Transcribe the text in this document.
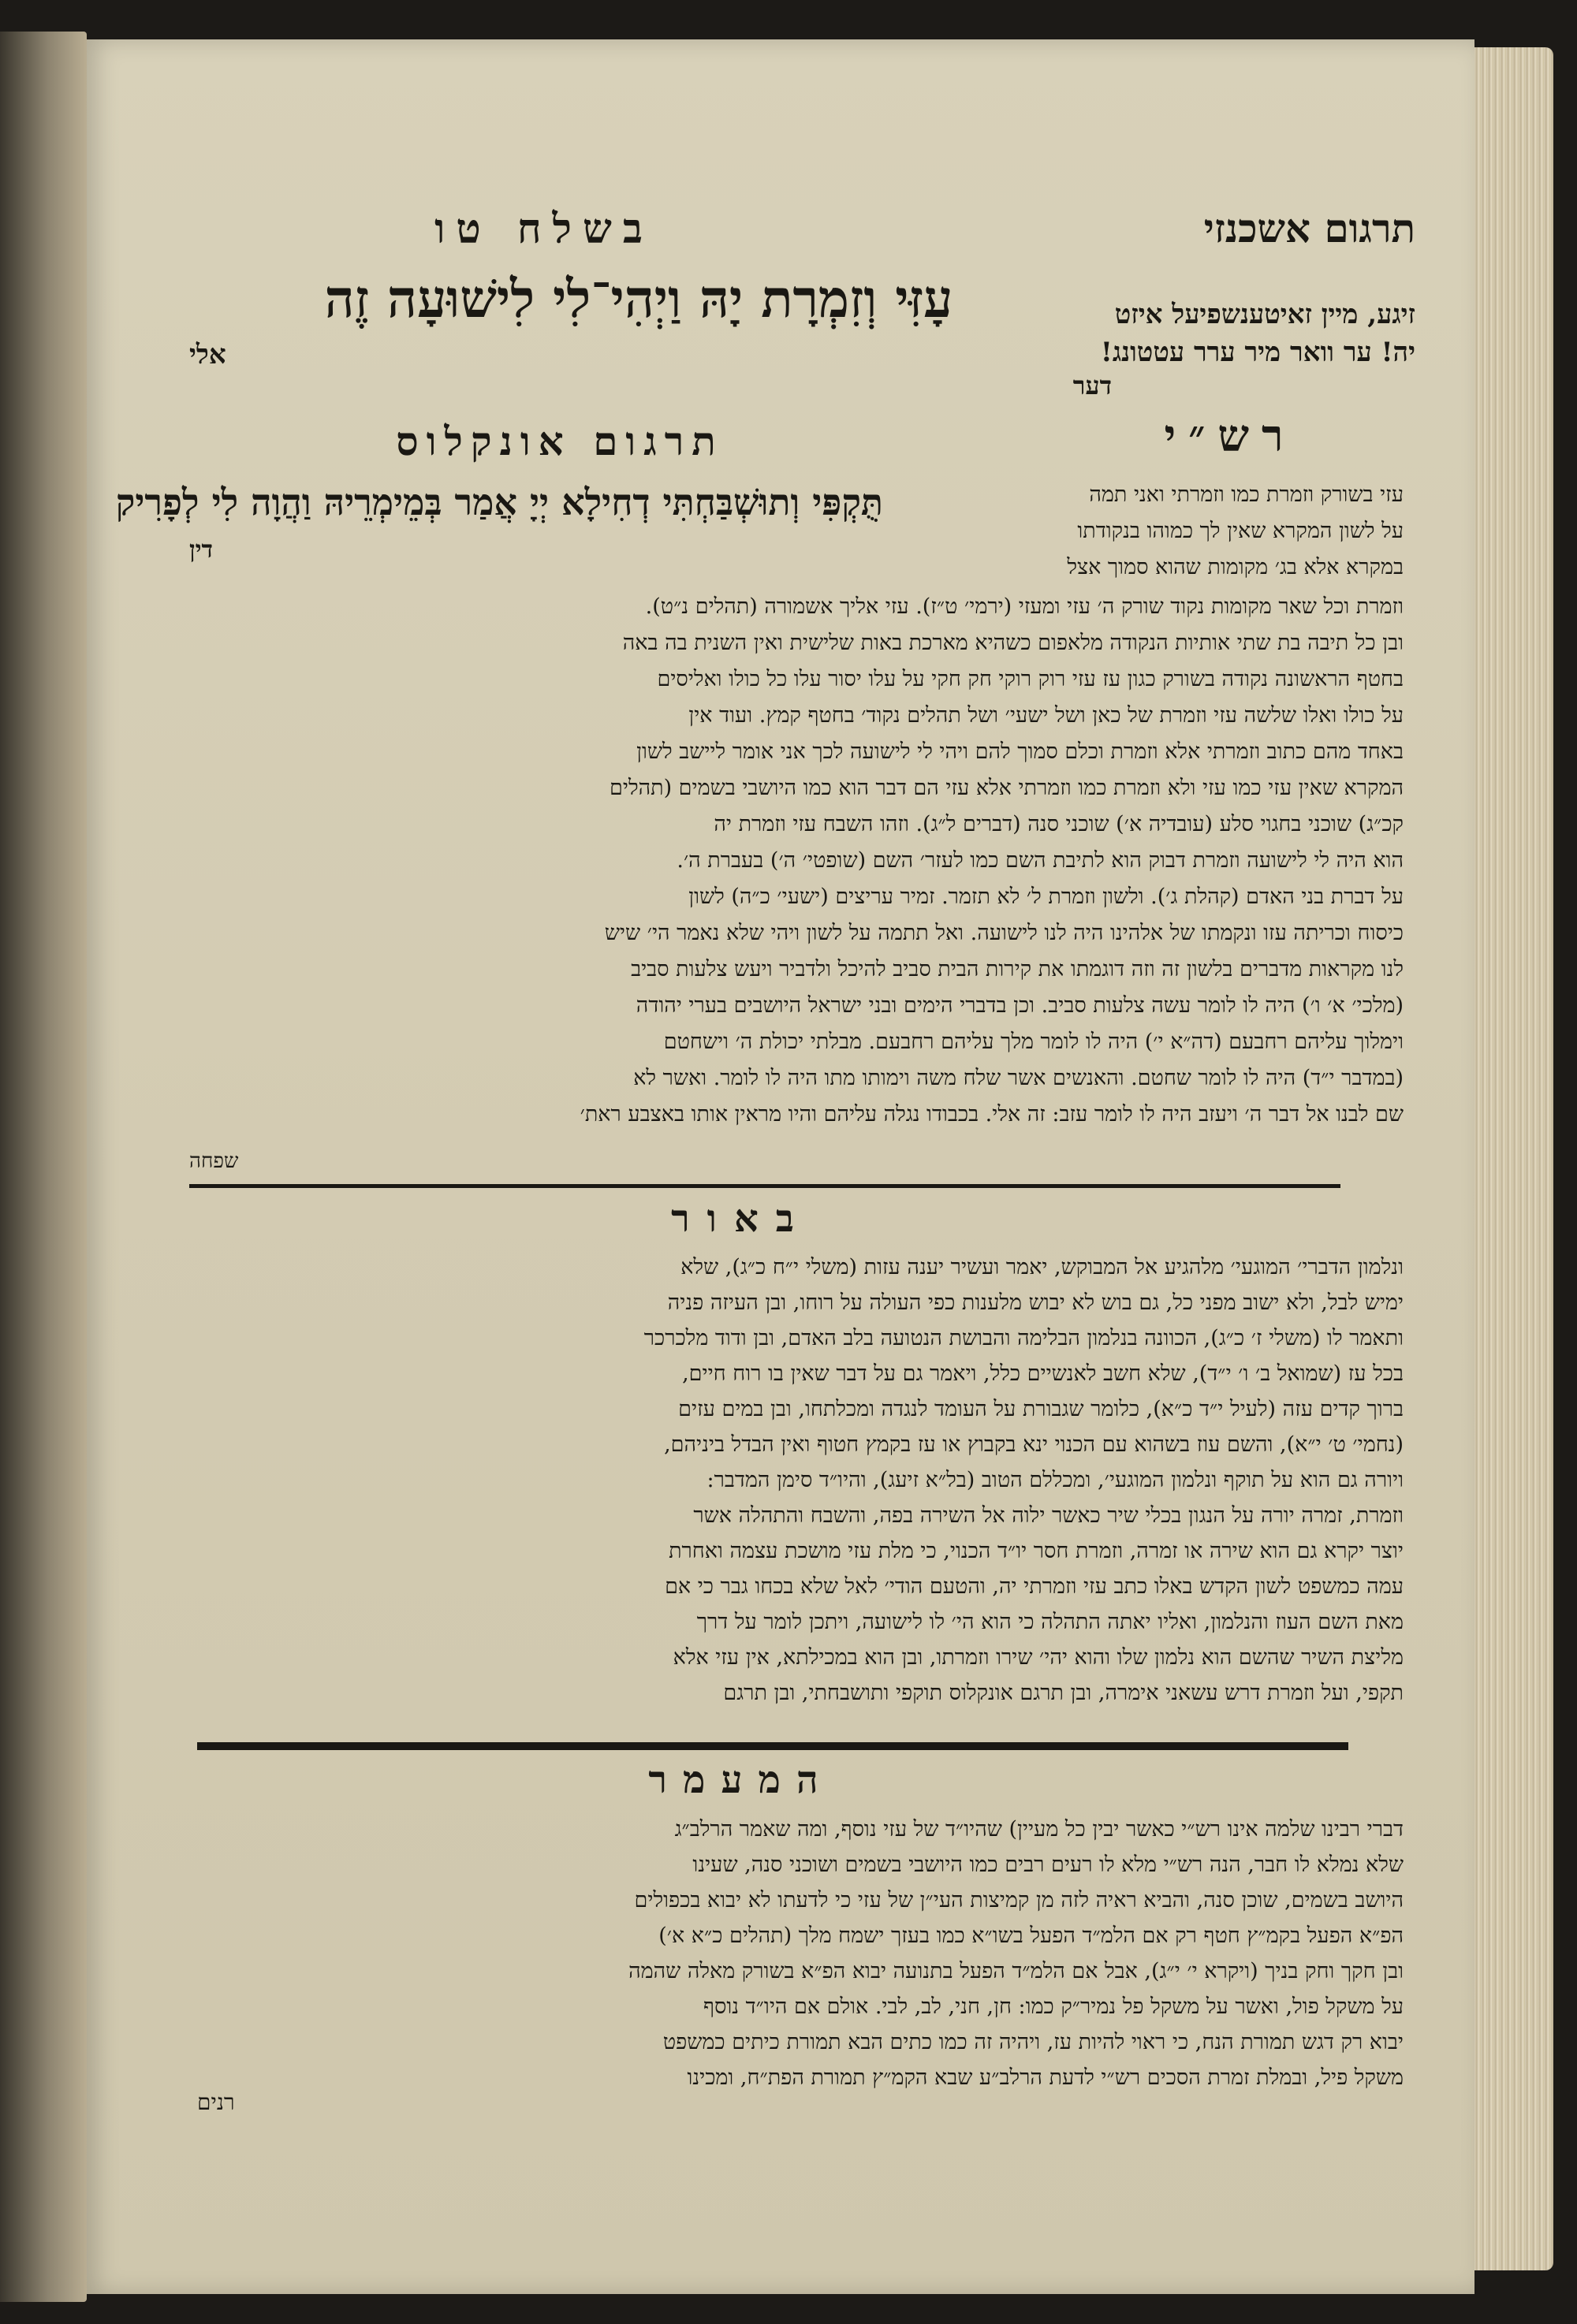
תרגום אשכנזי
בשלח טו
עָזִּי וְזִמְרָת יָהּ וַיְהִי־לִי לִישׁוּעָה זֶה
אלי
זיגע, מיין זאיטענשפיעל איזט
יה! ער וואר מיר ערר עטטונג!
דער
רש״י
תרגום אונקלוס
תֻּקְפִּי וְתוּשְׁבַּחְתִּי דְחִילָא יְיָ אֲמַר בְּמֵימְרֵיהּ וַהֲוָה לִי לְפָרִיק
דין
עזי בשורק וזמרת כמו וזמרתי ואני תמה
על לשון המקרא שאין לך כמוהו בנקודתו
במקרא אלא בג׳ מקומות שהוא סמוך אצל
וזמרת וכל שאר מקומות נקוד שורק ה׳ עזי ומעזי (ירמי׳ ט״ז). עזי אליך אשמורה (תהלים נ״ט).
ובן כל תיבה בת שתי אותיות הנקודה מלאפום כשהיא מארכת באות שלישית ואין השנית בה באה
בחטף הראשונה נקודה בשורק כגון עז עזי רוק רוקי חק חקי על עלו יסור עלו כל כולו ואליסים
על כולו ואלו שלשה עזי וזמרת של כאן ושל ישעי׳ ושל תהלים נקוד׳ בחטף קמץ. ועוד אין
באחד מהם כתוב וזמרתי אלא וזמרת וכלם סמוך להם ויהי לי לישועה לכך אני אומר ליישב לשון
המקרא שאין עזי כמו עזי ולא וזמרת כמו וזמרתי אלא עזי הם דבר הוא כמו היושבי בשמים (תהלים
קכ״ג) שוכני בחגוי סלע (עובדיה א׳) שוכני סנה (דברים ל״ג). וזהו השבח עזי וזמרת יה
הוא היה לי לישועה וזמרת דבוק הוא לתיבת השם כמו לעזר׳ השם (שופטי׳ ה׳) בעברת ה׳.
על דברת בני האדם (קהלת ג׳). ולשון וזמרת ל׳ לא תזמר. זמיר עריצים (ישעי׳ כ״ה) לשון
כיסוח וכריתה עזו ונקמתו של אלהינו היה לנו לישועה. ואל תתמה על לשון ויהי שלא נאמר הי׳ שיש
לנו מקראות מדברים בלשון זה וזה דוגמתו את קירות הבית סביב להיכל ולדביר ויעש צלעות סביב
(מלכי׳ א׳ ו׳) היה לו לומר עשה צלעות סביב. וכן בדברי הימים ובני ישראל היושבים בערי יהודה
וימלוך עליהם רחבעם (דה״א י׳) היה לו לומר מלך עליהם רחבעם. מבלתי יכולת ה׳ וישחטם
(במדבר י״ד) היה לו לומר שחטם. והאנשים אשר שלח משה וימותו מתו היה לו לומר. ואשר לא
שם לבנו אל דבר ה׳ ויעזב היה לו לומר עזב: זה אלי. בכבודו נגלה עליהם והיו מראין אותו באצבע ראת׳
שפחה
באור
ונלמון הדברי׳ המוגעי׳ מלהגיע אל המבוקש, יאמר ועשיר יענה עזות (משלי י״ח כ״ג), שלא
ימיש לבל, ולא ישוב מפני כל, גם בוש לא יבוש מלענות כפי העולה על רוחו, ובן העיזה פניה
ותאמר לו (משלי ז׳ כ״ג), הכוונה בנלמון הבלימה והבושת הנטועה בלב האדם, ובן ודוד מלכרכר
בכל עז (שמואל ב׳ ו׳ י״ד), שלא חשב לאנשיים כלל, ויאמר גם על דבר שאין בו רוח חיים,
ברוך קדים עזה (לעיל י״ד כ״א), כלומר שגבורת על העומד לנגדה ומכלתחו, ובן במים עזים
(נחמי׳ ט׳ י״א), והשם עוז בשהוא עם הכנוי ינא בקבוץ או עז בקמץ חטוף ואין הבדל ביניהם,
ויורה גם הוא על תוקף ונלמון המוגעי׳, ומכללם הטוב (בל״א זיעג), והיו״ד סימן המדבר:
וזמרת, זמרה יורה על הנגון בכלי שיר כאשר ילוה אל השירה בפה, והשבח והתהלה אשר
יוצר יקרא גם הוא שירה או זמרה, וזמרת חסר יו״ד הכנוי, כי מלת עזי מושכת עצמה ואחרת
עמה כמשפט לשון הקדש באלו כתב עזי וזמרתי יה, והטעם הודי׳ לאל שלא בכחו גבר כי אם
מאת השם העוז והנלמון, ואליו יאתה התהלה כי הוא הי׳ לו לישועה, ויתכן לומר על דרך
מליצת השיר שהשם הוא נלמון שלו והוא יהי׳ שירו וזמרתו, ובן הוא במכילתא, אין עזי אלא
תקפי, ועל וזמרת דרש עשאני אימרה, ובן תרגם אונקלוס תוקפי ותושבחתי, ובן תרגם
המעמר
דברי רבינו שלמה אינו רש״י כאשר יבין כל מעיין) שהיו״ד של עזי נוסף, ומה שאמר הרלב״ג
שלא נמלא לו חבר, הנה רש״י מלא לו רעים רבים כמו היושבי בשמים ושוכני סנה, שעינו
היושב בשמים, שוכן סנה, והביא ראיה לזה מן קמיצות העי״ן של עזי כי לדעתו לא יבוא בכפולים
הפ״א הפעל בקמ״ץ חטף רק אם הלמ״ד הפעל בשו״א כמו בעזך ישמח מלך (תהלים כ״א א׳)
ובן חקך וחק בניך (ויקרא י׳ י״ג), אבל אם הלמ״ד הפעל בתנועה יבוא הפ״א בשורק מאלה שהמה
על משקל פול, ואשר על משקל פל נמיר״ק כמו: חן, חני, לב, לבי. אולם אם היו״ד נוסף
יבוא רק דגש תמורת הנח, כי ראוי להיות עז, ויהיה זה כמו כתים הבא תמורת כיתים כמשפט
משקל פיל, ובמלת זמרת הסכים רש״י לדעת הרלב״ע שבא הקמ״ץ תמורת הפת״ח, ומכינו
רנים
